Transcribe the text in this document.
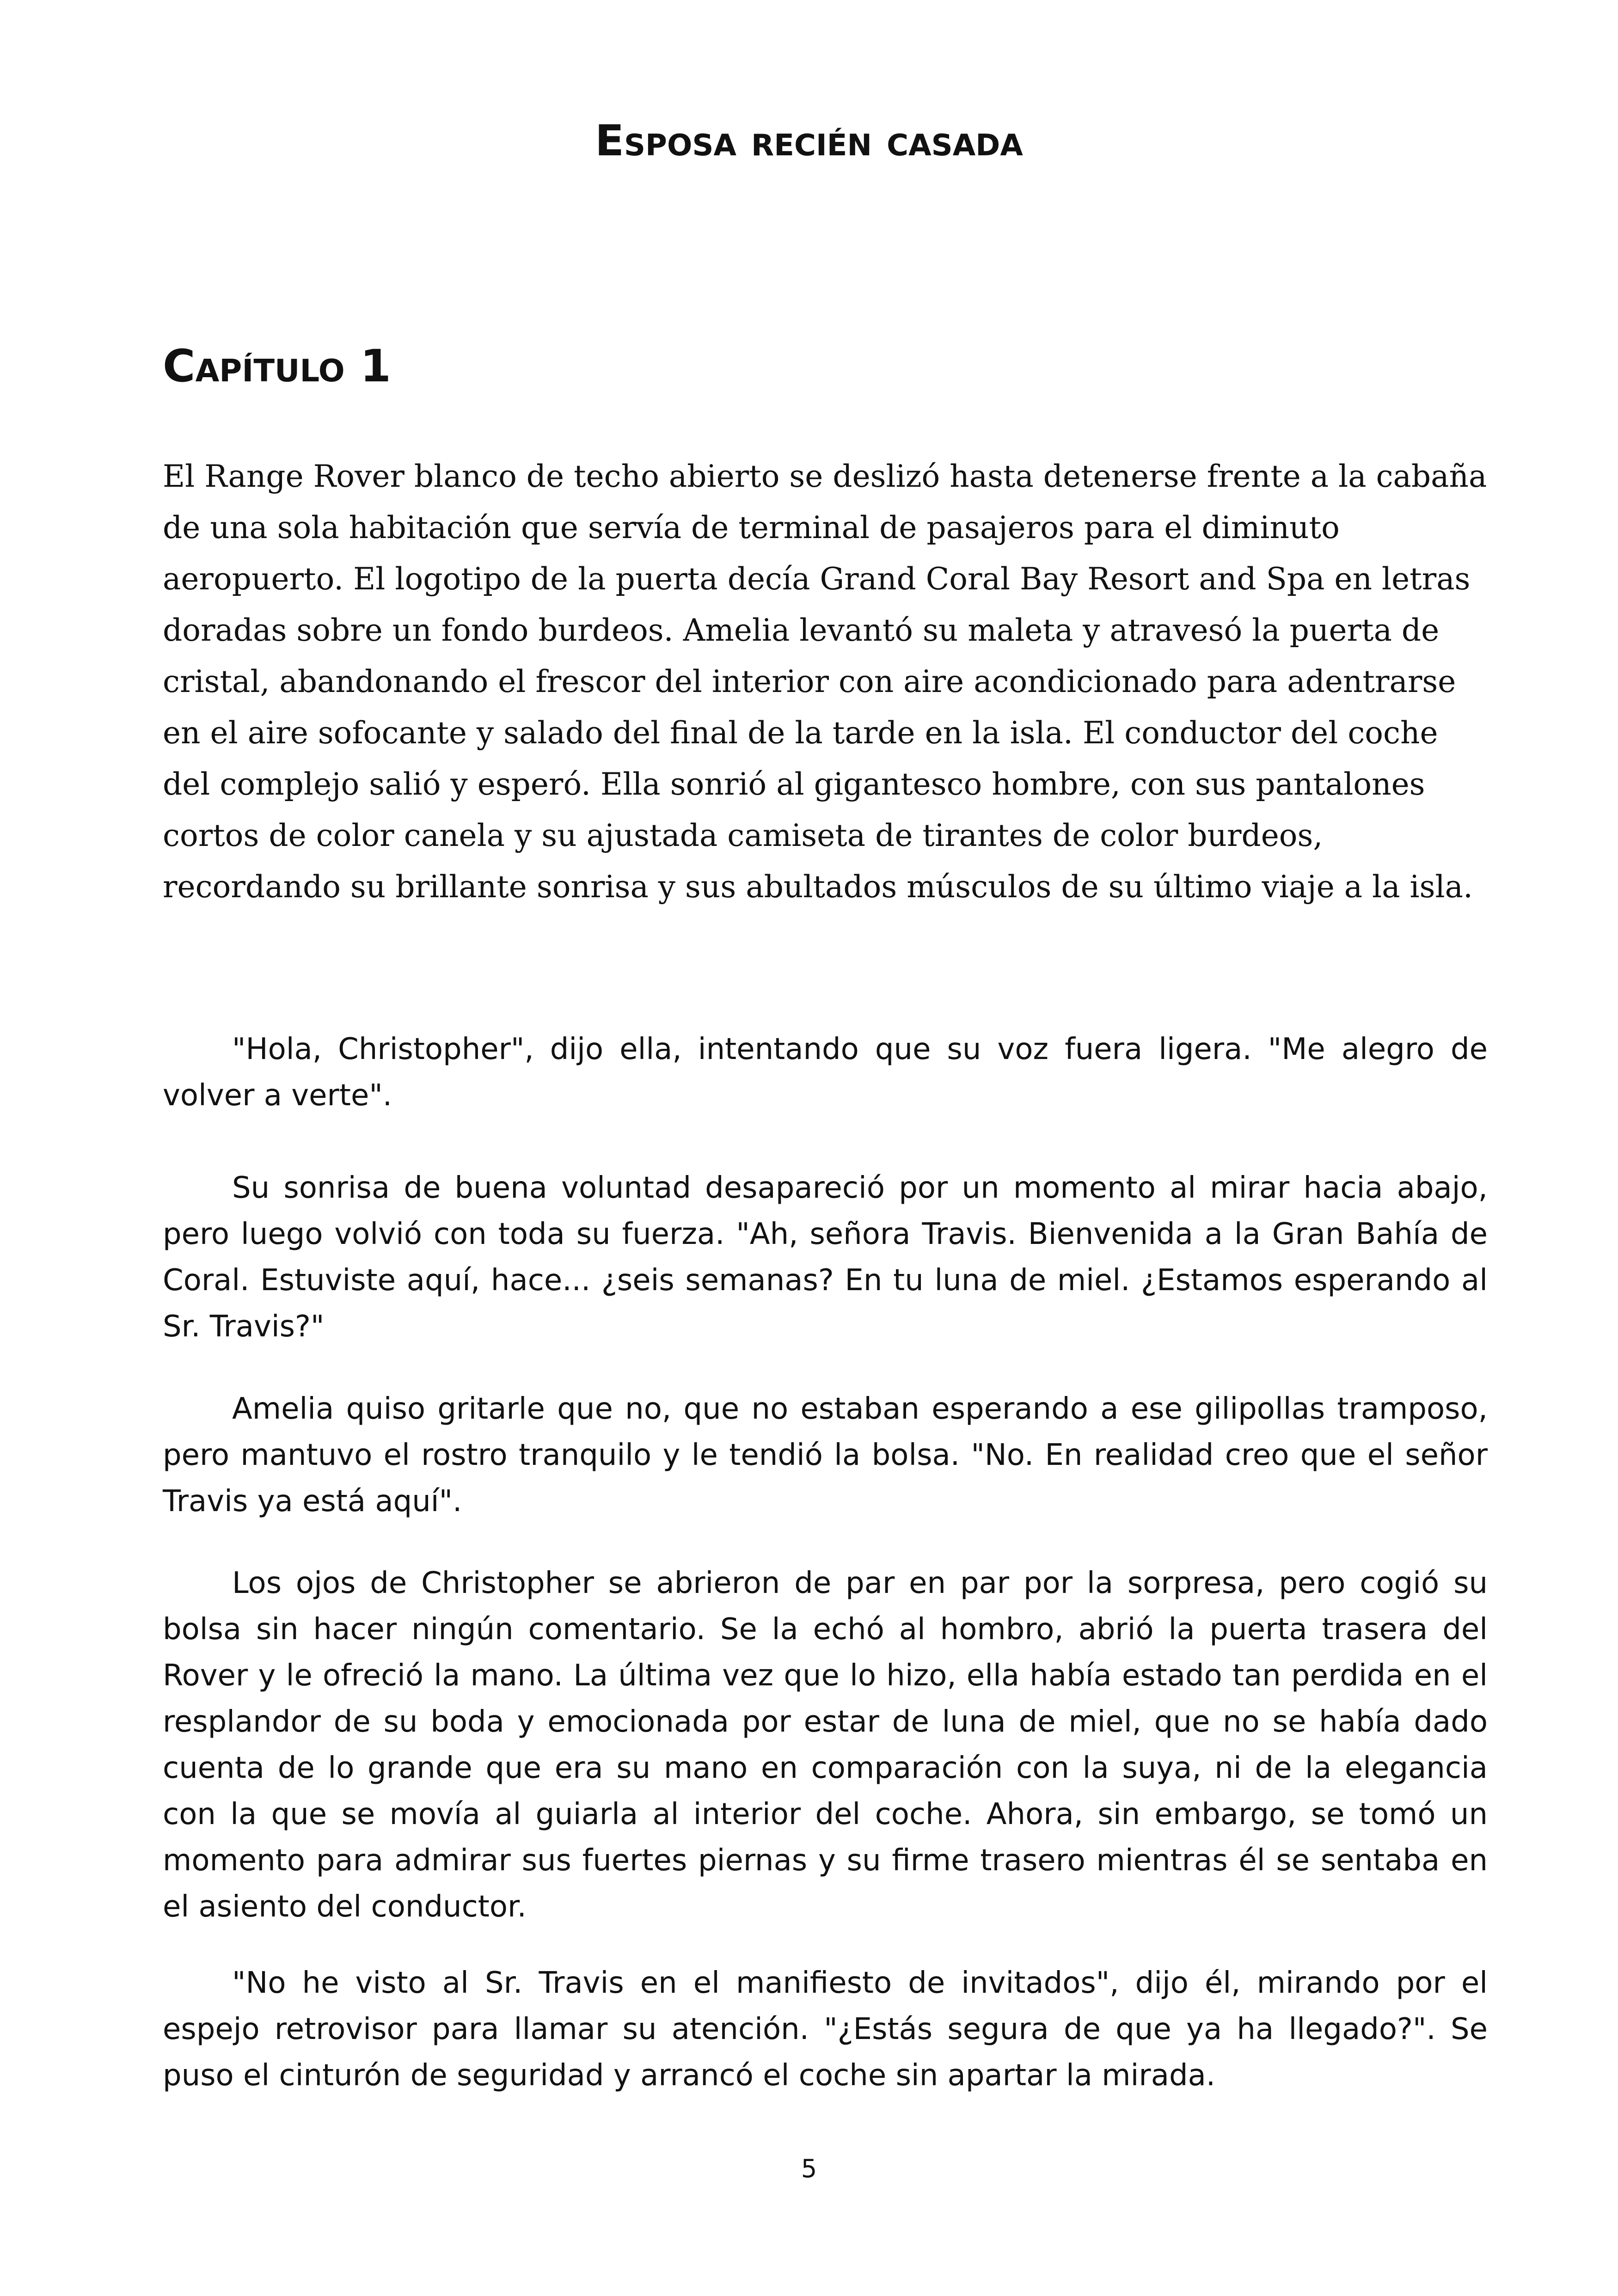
Esposa recién casada
Capítulo 1

El Range Rover blanco de techo abierto se deslizó hasta detenerse frente a la cabaña de una sola habitación que servía de terminal de pasajeros para el diminuto aeropuerto. El logotipo de la puerta decía Grand Coral Bay Resort and Spa en letras doradas sobre un fondo burdeos. Amelia levantó su maleta y atravesó la puerta de cristal, abandonando el frescor del interior con aire acondicionado para adentrarse en el aire sofocante y salado del final de la tarde en la isla. El conductor del coche del complejo salió y esperó. Ella sonrió al gigantesco hombre, con sus pantalones cortos de color canela y su ajustada camiseta de tirantes de color burdeos, recordando su brillante sonrisa y sus abultados músculos de su último viaje a la isla.

"Hola, Christopher", dijo ella, intentando que su voz fuera ligera. "Me alegro de volver a verte".

Su sonrisa de buena voluntad desapareció por un momento al mirar hacia abajo, pero luego volvió con toda su fuerza. "Ah, señora Travis. Bienvenida a la Gran Bahía de Coral. Estuviste aquí, hace... ¿seis semanas? En tu luna de miel. ¿Estamos esperando al Sr. Travis?"

Amelia quiso gritarle que no, que no estaban esperando a ese gilipollas tramposo, pero mantuvo el rostro tranquilo y le tendió la bolsa. "No. En realidad creo que el señor Travis ya está aquí".

Los ojos de Christopher se abrieron de par en par por la sorpresa, pero cogió su bolsa sin hacer ningún comentario. Se la echó al hombro, abrió la puerta trasera del Rover y le ofreció la mano. La última vez que lo hizo, ella había estado tan perdida en el resplandor de su boda y emocionada por estar de luna de miel, que no se había dado cuenta de lo grande que era su mano en comparación con la suya, ni de la elegancia con la que se movía al guiarla al interior del coche. Ahora, sin embargo, se tomó un momento para admirar sus fuertes piernas y su firme trasero mientras él se sentaba en el asiento del conductor.

"No he visto al Sr. Travis en el manifiesto de invitados", dijo él, mirando por el espejo retrovisor para llamar su atención. "¿Estás segura de que ya ha llegado?". Se puso el cinturón de seguridad y arrancó el coche sin apartar la mirada.

5
